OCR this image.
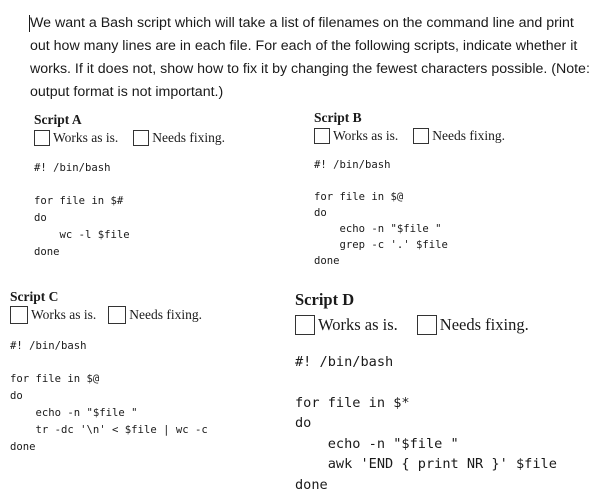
We want a Bash script which will take a list of filenames on the command line and print out how many lines are in each file. For each of the following scripts, indicate whether it works. If it does not, show how to fix it by changing the fewest characters possible. (Note: output format is not important.)
Script A
Works as is.	Needs fixing.
#! /bin/bash
for file in $#
do
wc -l $file
done
Script B
Works as is.	Needs fixing.
#! /bin/bash
for file in $@
do
echo -n "$file "
grep -c '.' $file
done
Script C
Works as is. Needs fixing.
#! /bin/bash
for file in $@
do
echo -n "$file "
tr -dc '\n' < $file | wc -c
done
Script D
Works as is.	Needs fixing.
#! /bin/bash
for file in $*
do
echo -n "$file "
awk 'END { print NR }' $file
done
